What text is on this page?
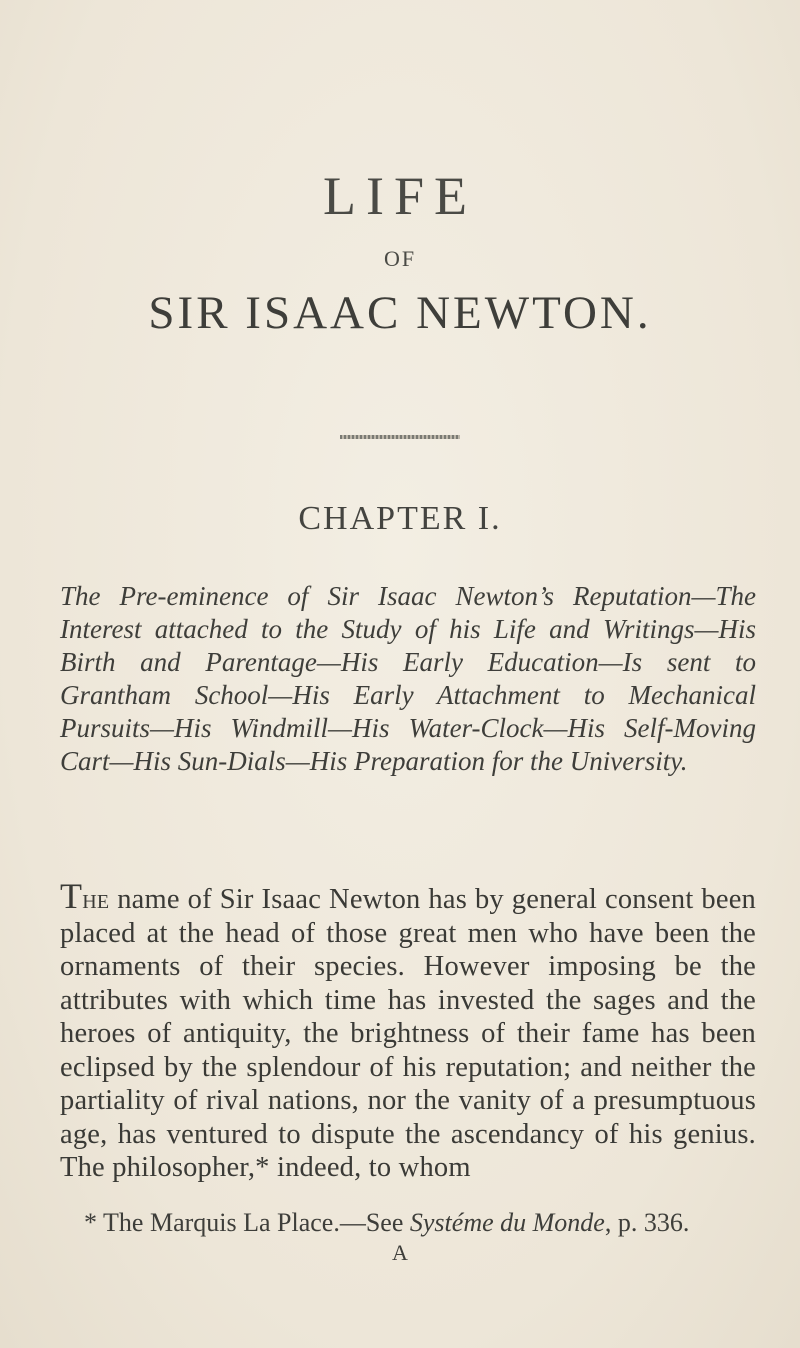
LIFE
OF
SIR ISAAC NEWTON.
CHAPTER I.
The Pre-eminence of Sir Isaac Newton’s Reputation—The Interest attached to the Study of his Life and Writings—His Birth and Parentage—His Early Education—Is sent to Grantham School—His Early Attachment to Mechanical Pursuits—His Windmill—His Water-Clock—His Self-Moving Cart—His Sun-Dials—His Preparation for the University.
The name of Sir Isaac Newton has by general consent been placed at the head of those great men who have been the ornaments of their species. However imposing be the attributes with which time has invested the sages and the heroes of antiquity, the brightness of their fame has been eclipsed by the splendour of his reputation; and neither the partiality of rival nations, nor the vanity of a presumptuous age, has ventured to dispute the ascendancy of his genius. The philosopher,* indeed, to whom
* The Marquis La Place.—See Systéme du Monde, p. 336.
A
